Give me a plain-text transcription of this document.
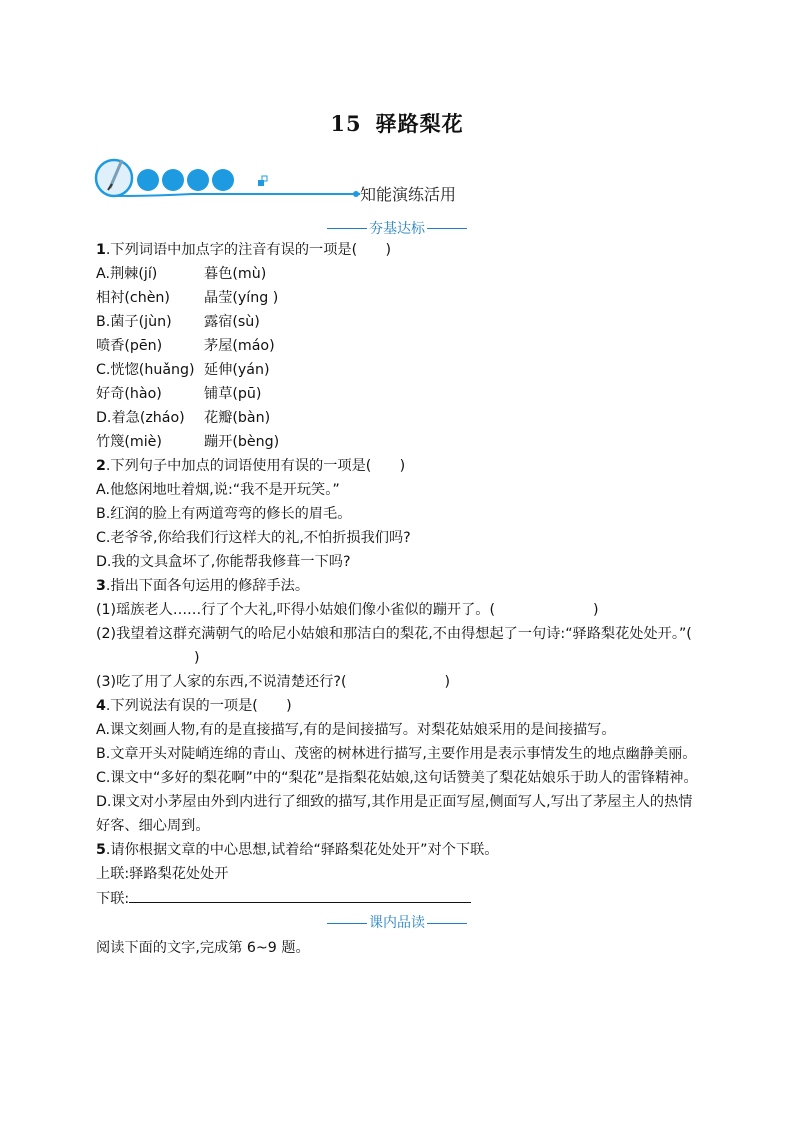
15 驿路梨花
知能演练活用
夯基达标
1.下列词语中加点字的注音有误的一项是(　　)
A.荆棘(jí)	暮色(mù)
相衬(chèn) 晶莹(yíng )
B.菌子(jùn) 露宿(sù)
喷香(pēn)	茅屋(máo)
C.恍惚(huǎng) 延伸(yán)
好奇(hào)	铺草(pū)
D.着急(zháo) 花瓣(bàn)
竹篾(miè)	蹦开(bèng)
2.下列句子中加点的词语使用有误的一项是(　　)
A.他悠闲地吐着烟,说:“我不是开玩笑。”
B.红润的脸上有两道弯弯的修长的眉毛。
C.老爷爷,你给我们行这样大的礼,不怕折损我们吗?
D.我的文具盒坏了,你能帮我修葺一下吗?
3.指出下面各句运用的修辞手法。
(1)瑶族老人……行了个大礼,吓得小姑娘们像小雀似的蹦开了。(	)
(2)我望着这群充满朝气的哈尼小姑娘和那洁白的梨花,不由得想起了一句诗:“驿路梨花处处开。”()
(3)吃了用了人家的东西,不说清楚还行?(	)
4.下列说法有误的一项是(　　)
A.课文刻画人物,有的是直接描写,有的是间接描写。对梨花姑娘采用的是间接描写。
B.文章开头对陡峭连绵的青山、茂密的树林进行描写,主要作用是表示事情发生的地点幽静美丽。
C.课文中“多好的梨花啊”中的“梨花”是指梨花姑娘,这句话赞美了梨花姑娘乐于助人的雷锋精神。
D.课文对小茅屋由外到内进行了细致的描写,其作用是正面写屋,侧面写人,写出了茅屋主人的热情好客、细心周到。
5.请你根据文章的中心思想,试着给“驿路梨花处处开”对个下联。
上联:驿路梨花处处开
下联:
课内品读
阅读下面的文字,完成第 6~9 题。
